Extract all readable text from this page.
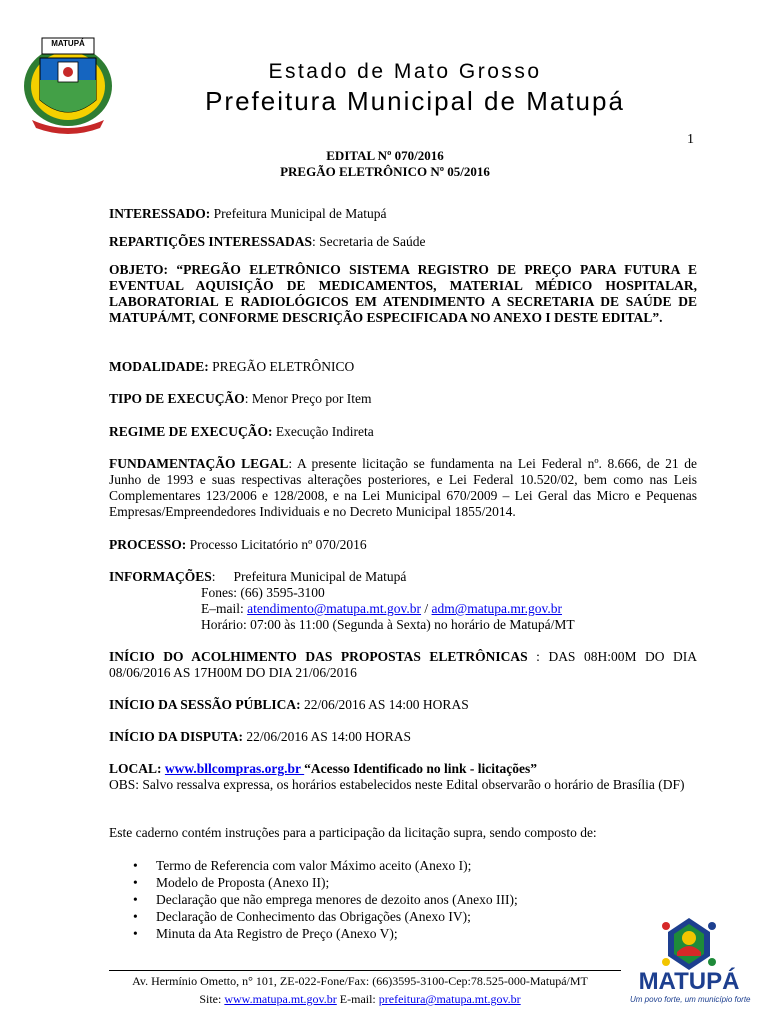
MATUPÁ
Estado de Mato Grosso
Prefeitura Municipal de Matupá
1
EDITAL Nº 070/2016
PREGÃO ELETRÔNICO Nº 05/2016
INTERESSADO: Prefeitura Municipal de Matupá
REPARTIÇÕES INTERESSADAS: Secretaria de Saúde
OBJETO: “PREGÃO ELETRÔNICO SISTEMA REGISTRO DE PREÇO PARA FUTURA E EVENTUAL AQUISIÇÃO DE MEDICAMENTOS, MATERIAL MÉDICO HOSPITALAR, LABORATORIAL E RADIOLÓGICOS EM ATENDIMENTO A SECRETARIA DE SAÚDE DE MATUPÁ/MT, CONFORME DESCRIÇÃO ESPECIFICADA NO ANEXO I DESTE EDITAL”.
MODALIDADE: PREGÃO ELETRÔNICO
TIPO DE EXECUÇÃO: Menor Preço por Item
REGIME DE EXECUÇÃO: Execução Indireta
FUNDAMENTAÇÃO LEGAL: A presente licitação se fundamenta na Lei Federal nº. 8.666, de 21 de Junho de 1993 e suas respectivas alterações posteriores, e Lei Federal 10.520/02, bem como nas Leis Complementares 123/2006 e 128/2008, e na Lei Municipal 670/2009 – Lei Geral das Micro e Pequenas Empresas/Empreendedores Individuais e no Decreto Municipal 1855/2014.
PROCESSO: Processo Licitatório nº 070/2016
INFORMAÇÕES: Prefeitura Municipal de Matupá
Fones: (66) 3595-3100
E–mail: atendimento@matupa.mt.gov.br / adm@matupa.mr.gov.br
Horário: 07:00 às 11:00 (Segunda à Sexta) no horário de Matupá/MT
INÍCIO DO ACOLHIMENTO DAS PROPOSTAS ELETRÔNICAS : DAS 08H:00M DO DIA 08/06/2016 AS 17H00M DO DIA 21/06/2016
INÍCIO DA SESSÃO PÚBLICA: 22/06/2016 AS 14:00 HORAS
INÍCIO DA DISPUTA: 22/06/2016 AS 14:00 HORAS
LOCAL: www.bllcompras.org.br “Acesso Identificado no link - licitações”
OBS: Salvo ressalva expressa, os horários estabelecidos neste Edital observarão o horário de Brasília (DF)
Este caderno contém instruções para a participação da licitação supra, sendo composto de:
• Termo de Referencia com valor Máximo aceito (Anexo I);
• Modelo de Proposta (Anexo II);
• Declaração que não emprega menores de dezoito anos (Anexo III);
• Declaração de Conhecimento das Obrigações (Anexo IV);
• Minuta da Ata Registro de Preço (Anexo V);
MATUPÁ
Um povo forte, um município forte
Av. Hermínio Ometto, n° 101, ZE-022-Fone/Fax: (66)3595-3100-Cep:78.525-000-Matupá/MT
Site: www.matupa.mt.gov.br E-mail: prefeitura@matupa.mt.gov.br
